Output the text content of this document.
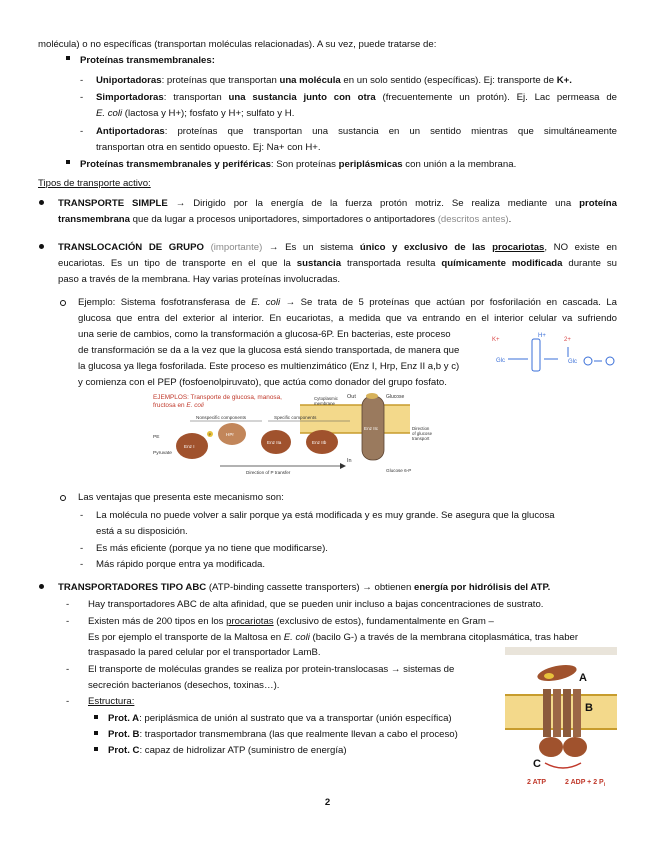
molécula) o no específicas (transportan moléculas relacionadas). A su vez, puede tratarse de:
Proteínas transmembranales:
- Uniportadoras: proteínas que transportan una molécula en un solo sentido (específicas). Ej: transporte de K+.
- Simportadoras: transportan una sustancia junto con otra (frecuentemente un protón). Ej. Lac permeasa de
E. coli (lactosa y H+); fosfato y H+; sulfato y H.
- Antiportadoras: proteínas que transportan una sustancia en un sentido mientras que simultáneamente
transportan otra en sentido opuesto. Ej: Na+ con H+.
Proteínas transmembranales y periféricas: Son proteínas periplásmicas con unión a la membrana.
Tipos de transporte activo:
TRANSPORTE SIMPLE → Dirigido por la energía de la fuerza protón motriz. Se realiza mediante una proteína
transmembrana que da lugar a procesos uniportadores, simportadores o antiportadores (descritos antes).
TRANSLOCACIÓN DE GRUPO (importante) → Es un sistema único y exclusivo de las procariotas, NO existe en
eucariotas. Es un tipo de transporte en el que la sustancia transportada resulta químicamente modificada durante su
paso a través de la membrana. Hay varias proteínas involucradas.
Ejemplo: Sistema fosfotransferasa de E. coli → Se trata de 5 proteínas que actúan por fosforilación en cascada. La
glucosa que entra del exterior al interior. En eucariotas, a medida que va entrando en el interior celular va sufriendo
una serie de cambios, como la transformación a glucosa-6P. En bacterias, este proceso
de transformación se da a la vez que la glucosa está siendo transportada, de manera que
la glucosa ya llega fosforilada. Este proceso es multienzimático (Enz I, Hrp, Enz II a,b y c)
y comienza con el PEP (fosfoenolpiruvato), que actúa como donador del grupo fosfato.
K+
H+
2+
Glc	Glc
EJEMPLOS: Transporte de glucosa, manosa,
fructosa en E. coli
Glucose
Out
In
Cytoplasmic
membrane
Enz IIc
Nonspecific components	Specific components
PE
Pyruvate
Enz I
HPr
Enz IIa	Enz IIb
P
Direction of P transfer
Direction
of glucose
transport
Glucose 6-P
Las ventajas que presenta este mecanismo son:
- La molécula no puede volver a salir porque ya está modificada y es muy grande. Se asegura que la glucosa
está a su disposición.
- Es más eficiente (porque ya no tiene que modificarse).
- Más rápido porque entra ya modificada.
TRANSPORTADORES TIPO ABC (ATP-binding cassette transporters) → obtienen energía por hidrólisis del ATP.
- Hay transportadores ABC de alta afinidad, que se pueden unir incluso a bajas concentraciones de sustrato.
- Existen más de 200 tipos en los procariotas (exclusivo de estos), fundamentalmente en Gram –
Es por ejemplo el transporte de la Maltosa en E. coli (bacilo G-) a través de la membrana citoplasmática, tras haber
traspasado la pared celular por el transportador LamB.
- El transporte de moléculas grandes se realiza por protein-translocasas → sistemas de
secreción bacterianos (desechos, toxinas…).
- Estructura:
Prot. A: periplásmica de unión al sustrato que va a transportar (unión específica)
Prot. B: trasportador transmembrana (las que realmente llevan a cabo el proceso)
Prot. C: capaz de hidrolizar ATP (suministro de energía)
A
B
C
2 ATP	2 ADP + 2 $P_i$
2
